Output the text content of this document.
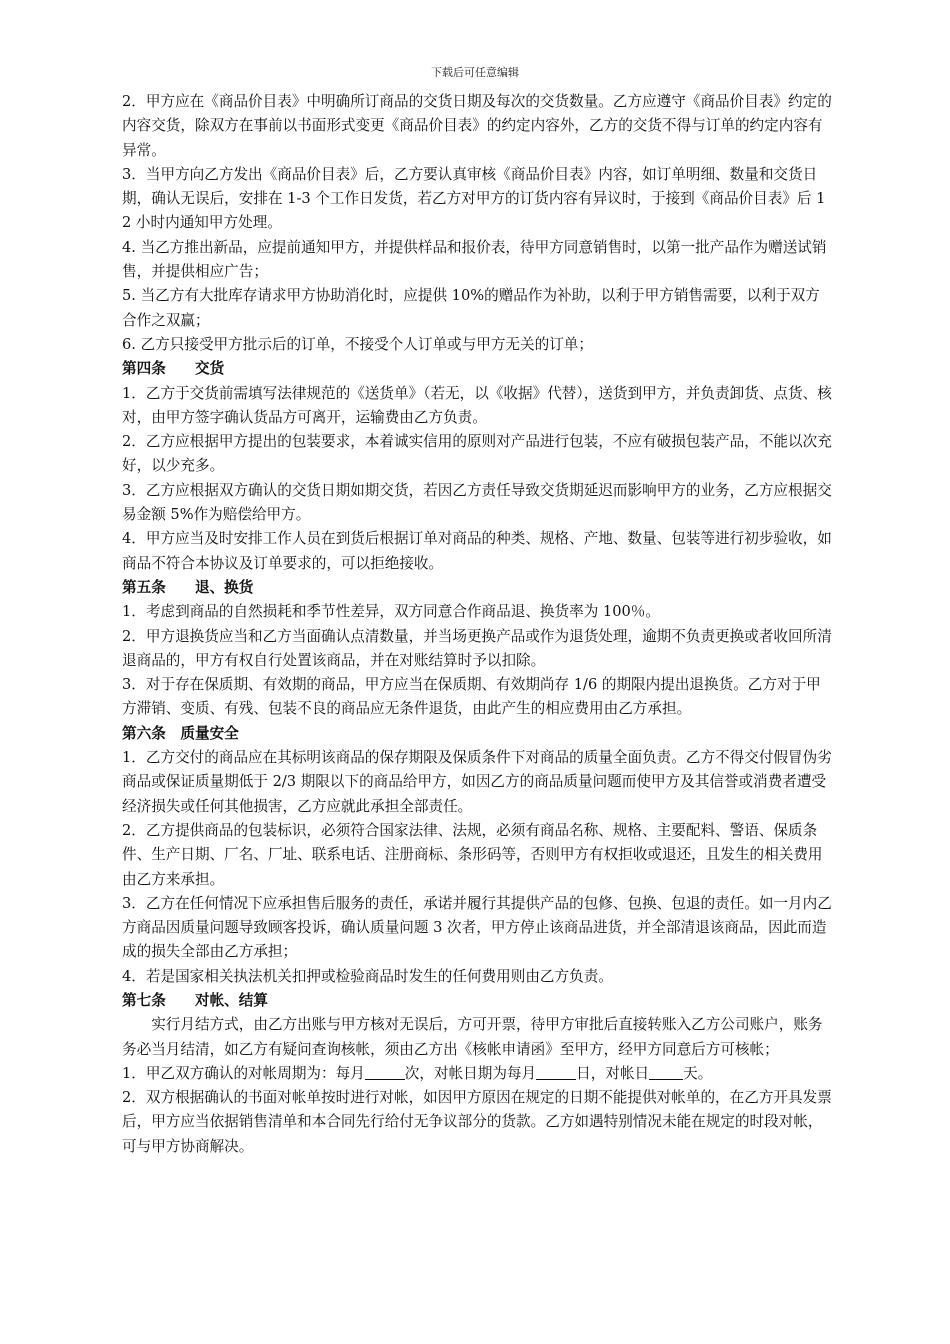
下载后可任意编辑

2．甲方应在《商品价目表》中明确所订商品的交货日期及每次的交货数量。乙方应遵守《商品价目表》约定的内容交货，除双方在事前以书面形式变更《商品价目表》的约定内容外，乙方的交货不得与订单的约定内容有异常。

3．当甲方向乙方发出《商品价目表》后，乙方要认真审核《商品价目表》内容，如订单明细、数量和交货日期，确认无误后，安排在 1-3 个工作日发货，若乙方对甲方的订货内容有异议时，于接到《商品价目表》后 12 小时内通知甲方处理。

4. 当乙方推出新品，应提前通知甲方，并提供样品和报价表，待甲方同意销售时，以第一批产品作为赠送试销售，并提供相应广告；

5. 当乙方有大批库存请求甲方协助消化时，应提供 10%的赠品作为补助，以利于甲方销售需要，以利于双方合作之双赢；

6. 乙方只接受甲方批示后的订单，不接受个人订单或与甲方无关的订单；

第四条　　交货

1．乙方于交货前需填写法律规范的《送货单》（若无，以《收据》代替），送货到甲方，并负责卸货、点货、核对，由甲方签字确认货品方可离开，运输费由乙方负责。

2．乙方应根据甲方提出的包装要求，本着诚实信用的原则对产品进行包装，不应有破损包装产品，不能以次充好，以少充多。

3．乙方应根据双方确认的交货日期如期交货，若因乙方责任导致交货期延迟而影响甲方的业务，乙方应根据交易金额 5%作为赔偿给甲方。

4．甲方应当及时安排工作人员在到货后根据订单对商品的种类、规格、产地、数量、包装等进行初步验收，如商品不符合本协议及订单要求的，可以拒绝接收。

第五条　　退、换货

1．考虑到商品的自然损耗和季节性差异，双方同意合作商品退、换货率为 100％。

2．甲方退换货应当和乙方当面确认点清数量，并当场更换产品或作为退货处理，逾期不负责更换或者收回所清退商品的，甲方有权自行处置该商品，并在对账结算时予以扣除。

3．对于存在保质期、有效期的商品，甲方应当在保质期、有效期尚存 1/6 的期限内提出退换货。乙方对于甲方滞销、变质、有残、包装不良的商品应无条件退货，由此产生的相应费用由乙方承担。

第六条　质量安全

1．乙方交付的商品应在其标明该商品的保存期限及保质条件下对商品的质量全面负责。乙方不得交付假冒伪劣商品或保证质量期低于 2/3 期限以下的商品给甲方，如因乙方的商品质量问题而使甲方及其信誉或消费者遭受经济损失或任何其他损害，乙方应就此承担全部责任。

2．乙方提供商品的包装标识，必须符合国家法律、法规，必须有商品名称、规格、主要配料、警语、保质条件、生产日期、厂名、厂址、联系电话、注册商标、条形码等，否则甲方有权拒收或退还，且发生的相关费用由乙方来承担。

3．乙方在任何情况下应承担售后服务的责任，承诺并履行其提供产品的包修、包换、包退的责任。如一月内乙方商品因质量问题导致顾客投诉，确认质量问题 3 次者，甲方停止该商品进货，并全部清退该商品，因此而造成的损失全部由乙方承担；

4．若是国家相关执法机关扣押或检验商品时发生的任何费用则由乙方负责。

第七条　　对帐、结算

实行月结方式，由乙方出账与甲方核对无误后，方可开票，待甲方审批后直接转账入乙方公司账户，账务务必当月结清，如乙方有疑问查询核帐，须由乙方出《核帐申请函》至甲方，经甲方同意后方可核帐；

1．甲乙双方确认的对帐周期为：每月	次，对帐日期为每月	日，对帐日 天。

2．双方根据确认的书面对帐单按时进行对帐，如因甲方原因在规定的日期不能提供对帐单的，在乙方开具发票后，甲方应当依据销售清单和本合同先行给付无争议部分的货款。乙方如遇特别情况未能在规定的时段对帐，可与甲方协商解决。
